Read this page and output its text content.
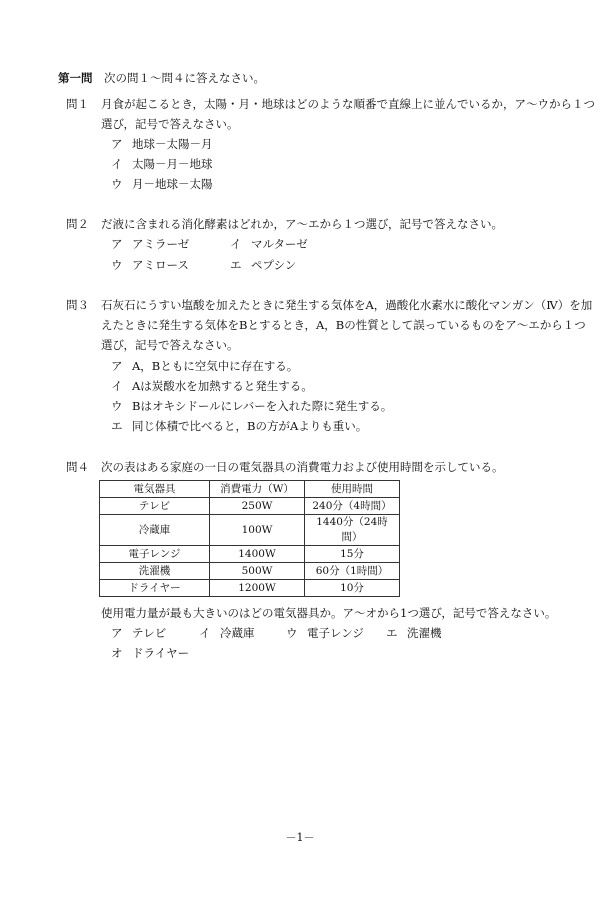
第一問 次の問１～問４に答えなさい。
問１ 月食が起こるとき，太陽・月・地球はどのような順番で直線上に並んでいるか，ア～ウから１つ
選び，記号で答えなさい。
ア 地球－太陽－月
イ 太陽－月－地球
ウ 月－地球－太陽
問２ だ液に含まれる消化酵素はどれか，ア～エから１つ選び，記号で答えなさい。
ア アミラーゼ	イ マルターゼ
ウ アミロース	エ ペプシン
問３ 石灰石にうすい塩酸を加えたときに発生する気体をA，過酸化水素水に酸化マンガン（Ⅳ）を加
えたときに発生する気体をBとするとき，A，Bの性質として誤っているものをア～エから１つ
選び，記号で答えなさい。
ア A，Bともに空気中に存在する。
イ Aは炭酸水を加熱すると発生する。
ウ Bはオキシドールにレバーを入れた際に発生する。
エ 同じ体積で比べると，Bの方がAよりも重い。
問４ 次の表はある家庭の一日の電気器具の消費電力および使用時間を示している。
電気器具	消費電力（W）	使用時間
テレビ	250W	240分（4時間）
冷蔵庫	100W	1440分（24時間）
電子レンジ	1400W	15分
洗濯機	500W	60分（1時間）
ドライヤー	1200W	10分
使用電力量が最も大きいのはどの電気器具か。ア～オから1つ選び，記号で答えなさい。
ア テレビ	イ 冷蔵庫	ウ 電子レンジ エ 洗濯機
オ ドライヤー
－1－
